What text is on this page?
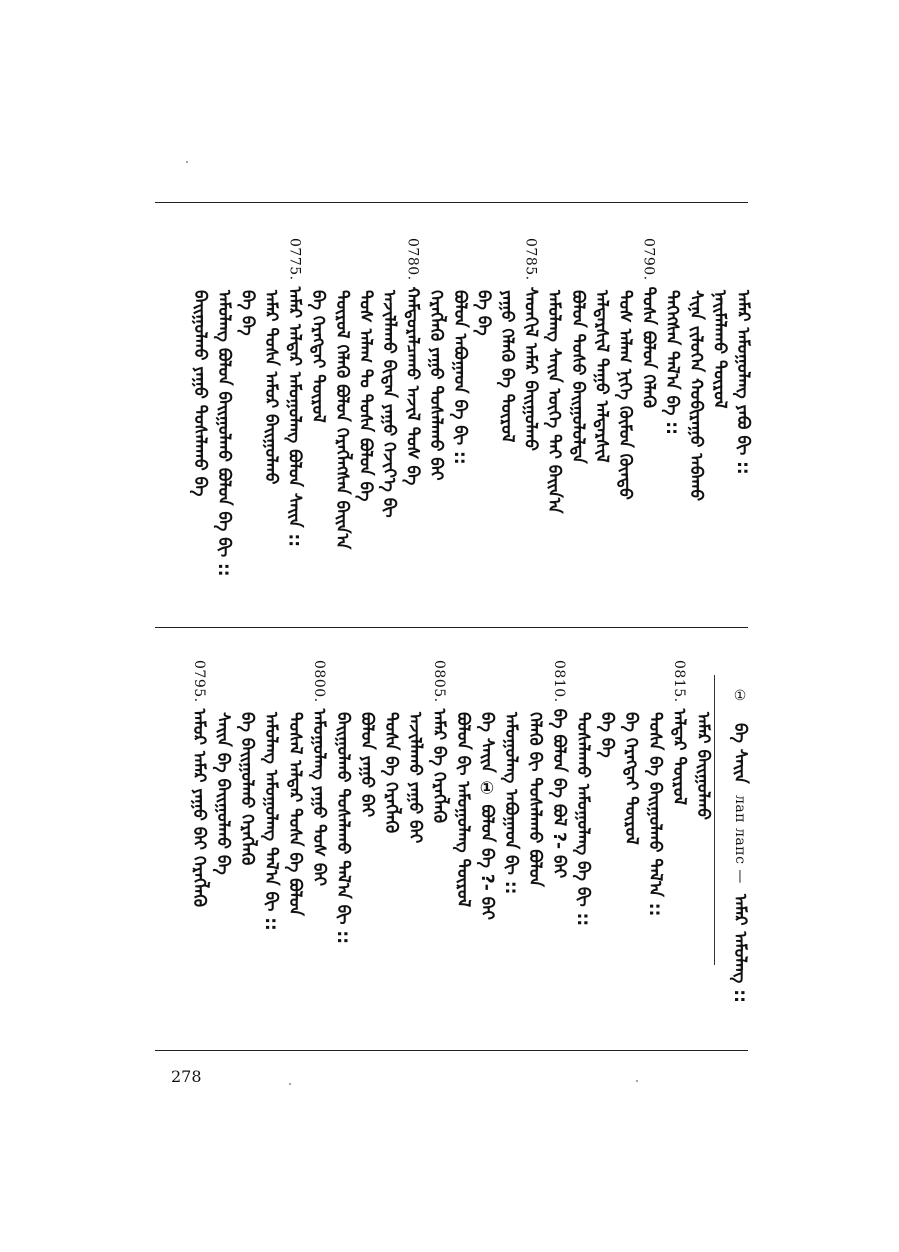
ᠠᠮᠠᠷ ᠠᠮᠤᠭᠤᠯᠠᠩ ᠶᠠᠪᠤ ᠪᠢ ::
ᠨᠠᠢᠮᠠᠯᠠᠬᠤ ᠲᠦᠷᠦᠯ
ᠰᠢᠨᠡ ᠵᠢᠯᠦᠭᠡᠨ ᠬᠤᠪᠢᠷᠠᠭᠤ ᠠᠪᠠᠬᠤ
ᠲᠡᠭᠡᠭᠰᠡᠨ ᠲᠠᠯ᠎ᠠ ᠪᠠ ::
0790.ᠲᠤᠰᠠ ᠪᠣᠯᠤᠨ ᠬᠡᠯᠡᠬᠦ
ᠲᠤᠰ ᠠᠯᠠᠭ ᠨᠢᠭᠡ ᠬᠦᠮᠦᠨ ᠬᠦᠨᠳᠦ
ᠠᠯᠳᠠᠷᠰᠢᠯ ᠲᠠᠭᠤ ᠠᠯᠳᠠᠷᠰᠢᠯ
ᠪᠣᠯᠤᠨ ᠲᠤᠰᠤ ᠪᠠᠢᠭᠤᠯᠤᠯᠲᠠ
ᠠᠮᠤᠯᠠᠩ ᠰᠠᠢᠨ ᠦᠭᠡ ᠲᠠᠢ ᠪᠠᠢᠨ᠎ᠠ
0785.ᠰᠡᠳᠬᠢᠯ ᠠᠮᠠᠷ ᠪᠠᠢᠭᠤᠯᠬᠤ
ᠶᠠᠭᠤ ᠬᠡᠯᠡᠬᠦ ᠪᠠ ᠲᠦᠷᠦᠯ
ᠪᠠ ᠪᠠ
ᠪᠣᠯᠤᠨ ᠠᠪᠤᠭᠠᠳ ᠪᠠ ᠪᠢ ::
ᠬᠡᠷᠡᠭᠯᠡᠬᠦ ᠶᠠᠭᠤ ᠲᠤᠰᠠᠯᠠᠬᠤ ᠪᠠᠢ
0780.ᠬᠠᠮᠲᠤᠷᠠᠯᠴᠠᠬᠤ ᠠᠵᠢᠯ ᠲᠤᠰ ᠪᠠ
ᠠᠵᠢᠯᠯᠠᠬᠤ ᠪᠢᠳᠡᠨ ᠶᠠᠭᠤ ᠬᠡᠵᠢᠶ᠎ᠡ ᠪᠢ
ᠲᠤᠰ ᠠᠯᠠᠭ ᠲᠤ ᠲᠤᠰᠠ ᠪᠣᠯᠤᠨ ᠪᠠ
ᠲᠦᠷᠦᠯ ᠬᠡᠯᠡᠬᠦ ᠪᠣᠯᠤᠨ ᠬᠡᠷᠡᠭᠯᠡᠭᠰᠡᠨ ᠪᠠᠢᠨ᠎ᠠ
ᠪᠠ ᠬᠡᠷᠡᠭᠲᠡᠢ ᠲᠦᠷᠦᠯ
0775.ᠠᠮᠠᠷ ᠠᠯᠳᠠᠷ ᠠᠮᠤᠭᠤᠯᠠᠩ ᠪᠣᠯᠤᠨ ᠰᠠᠢᠨ ::
ᠠᠮᠠᠷ ᠲᠤᠰᠠ ᠠᠮᠤᠷ ᠪᠠᠢᠭᠤᠯᠬᠤ
ᠪᠠ ᠪᠠ
ᠠᠮᠤᠯᠠᠩ ᠪᠣᠯᠤᠨ ᠪᠠᠢᠭᠤᠯᠬᠤ ᠪᠣᠯᠤᠨ ᠪᠠ ᠪᠢ ::
ᠪᠠᠢᠭᠤᠯᠬᠤ ᠶᠠᠭᠤ ᠲᠤᠰᠠᠯᠠᠬᠤ ᠪᠠ
ᠠᠮᠠᠷ ᠪᠠᠢᠭᠤᠯᠬᠤ
0815.ᠠᠯᠳᠠᠷ ᠲᠦᠷᠦᠯ
ᠲᠤᠰᠠ ᠪᠠ ᠪᠠᠢᠭᠤᠯᠬᠤ ᠲᠠᠯ᠎ᠠ ::
ᠪᠠ ᠬᠡᠷᠡᠭᠲᠡᠢ ᠲᠦᠷᠦᠯ
ᠪᠠ ᠪᠠ
ᠲᠤᠰᠠᠯᠠᠬᠤ ᠠᠮᠤᠭᠤᠯᠠᠩ ᠪᠠ ᠪᠢ ::
0810.ᠪᠠ ᠪᠣᠯᠤᠨ ᠪᠠ ᠪᠣᠯ ?- ᠪᠠᠢ
ᠬᠡᠯᠡᠬᠦ ᠪᠢ ᠲᠤᠰᠠᠯᠠᠬᠤ ᠪᠣᠯᠤᠨ
ᠠᠮᠤᠭᠤᠯᠠᠩ ᠠᠪᠤᠭᠠᠳ ᠪᠢ ::
ᠪᠠ ᠰᠠᠢᠨ ① ᠪᠣᠯᠤᠨ ᠪᠠ ?- ᠪᠠᠢ
ᠪᠣᠯᠤᠨ ᠪᠢ ᠠᠮᠤᠭᠤᠯᠠᠩ ᠲᠦᠷᠦᠯ
0805.ᠠᠮᠠᠷ ᠪᠠ ᠬᠡᠷᠡᠭᠯᠡᠬᠦ
ᠠᠵᠢᠯᠯᠠᠬᠤ ᠶᠠᠭᠤ ᠪᠠᠢ
ᠲᠤᠰᠠ ᠪᠠ ᠬᠡᠷᠡᠭᠯᠡᠬᠦ
ᠪᠣᠯᠤᠨ ᠶᠠᠭᠤ ᠪᠠᠢ
ᠪᠠᠢᠭᠤᠯᠬᠤ ᠲᠤᠰᠠᠯᠠᠬᠤ ᠲᠠᠯ᠎ᠠ ᠪᠢ ::
0800.ᠠᠮᠤᠭᠤᠯᠠᠩ ᠶᠠᠭᠤ ᠲᠤᠰ ᠪᠠᠢ
ᠲᠤᠰᠠᠯ ᠠᠯᠳᠠᠷ ᠲᠤᠰᠠ ᠪᠠ ᠪᠣᠯᠤᠨ
ᠠᠮᠤᠯᠠᠩ ᠠᠮᠤᠭᠤᠯᠠᠩ ᠲᠠᠯ᠎ᠠ ᠪᠢ ::
ᠪᠠ ᠪᠠᠢᠭᠤᠯᠬᠤ ᠬᠡᠷᠡᠭᠯᠡᠬᠦ
ᠰᠠᠢᠨ ᠪᠠ ᠪᠠᠢᠭᠤᠯᠬᠤ ᠪᠠ
0795.ᠠᠮᠤᠷ ᠠᠮᠠᠷ ᠶᠠᠭᠤ ᠪᠠᠢ ᠬᠡᠷᠡᠭᠯᠡᠬᠦ
① ᠪᠠ ᠰᠠᠢᠨ лап лапс — ᠠᠮᠠᠷ ᠠᠮᠤᠯᠠᠩ ::
278
